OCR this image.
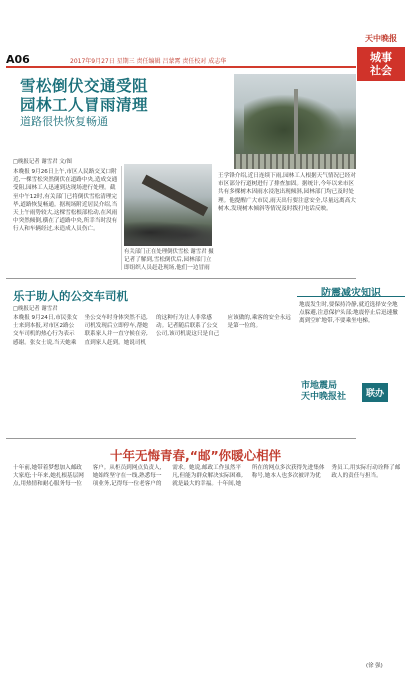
A06	2017年9月27日 星期三 责任编辑 吕蒙霄 责任校对 成志华
天中晚报
城事
社会
雪松倒伏交通受阻
园林工人冒雨清理
道路很快恢复畅通
□晚报记者 谢雪君 文/图
本晚报 9月26日上午,市区人民路交叉口附近,一棵雪松突然倒伏在道路中央,造成交通受阻,园林工人迅速到达现场进行处理。截至中午12时,有关部门已将倒伏雪松清理完毕,道路恢复畅通。据现场附近居民介绍,当天上午雨势较大,这棵雪松根部松动,在风雨中突然倾倒,横在了道路中央,所幸当时没有行人和车辆经过,未造成人员伤亡。
有关部门正在处理倒伏雪松 谢雪君 摄
记者了解到,雪松倒伏后,园林部门立即组织人员赶赴现场,他们一边冒雨
王学锋介绍,近日连续下雨,园林工人根据天气情况已经对市区部分行道树进行了排查加固。据统计,今年以来市区共有多棵树木因雨水浸泡出现倾斜,园林部门均已及时处理。他提醒广大市民,雨天出行要注意安全,尽量远离高大树木,发现树木倾斜等情况及时拨打电话反映。
乐于助人的公交车司机
□晚报记者 谢雪君
本晚报 9月24日,市民张女士来到本报,对市区2路公交车司机的热心行为表示感谢。张女士说,当天她乘坐公交车时身体突然不适,司机发现后立即停车,帮她联系家人并一直守候在旁,直到家人赶到。她说司机的这种行为让人非常感动。记者随后联系了公交公司,该司机说这只是自己应该做的,乘客的安全永远是第一位的。
防震减灾知识
地震发生时,要保持冷静,就近选择安全地点躲避,注意保护头部;地震停止后迅速撤离到空旷地带,不要乘坐电梯。
市地震局
天中晚报社	联办
十年无悔青春,“邮”你暖心相伴
十年前,她带着梦想加入邮政大家庭;十年来,她扎根基层网点,用热情和耐心服务每一位客户。从柜员到网点负责人,她始终坚守在一线,熟悉每一项业务,记得每一位老客户的需求。她说,邮政工作虽然平凡,但能为群众解决实际困难,就是最大的幸福。十年间,她所在的网点多次获得先进集体称号,她本人也多次被评为优秀员工,用实际行动诠释了邮政人的责任与担当。
(徐 强)
